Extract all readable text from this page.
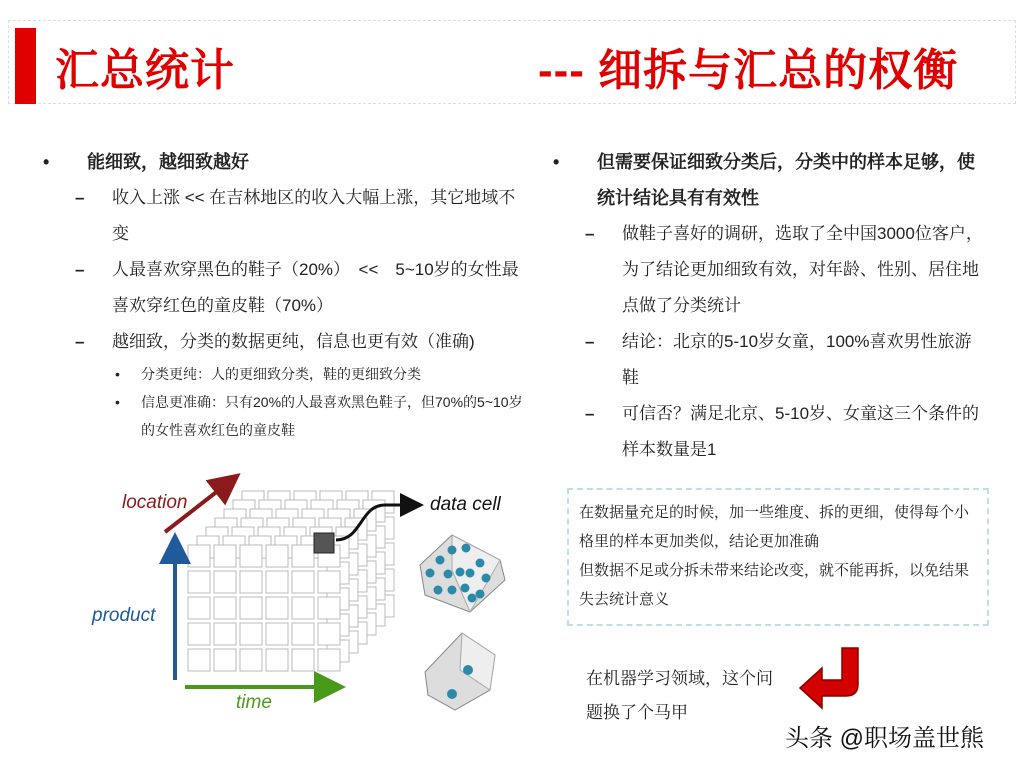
汇总统计	--- 细拆与汇总的权衡
• 能细致，越细致越好
– 收入上涨 << 在吉林地区的收入大幅上涨，其它地域不变
– 人最喜欢穿黑色的鞋子（20%）　<<　5~10岁的女性最喜欢穿红色的童皮鞋（70%）
– 越细致，分类的数据更纯，信息也更有效（准确)
• 分类更纯：人的更细致分类，鞋的更细致分类
• 信息更准确：只有20%的人最喜欢黑色鞋子，但70%的5~10岁的女性喜欢红色的童皮鞋
• 但需要保证细致分类后，分类中的样本足够，使统计结论具有有效性
– 做鞋子喜好的调研，选取了全中国3000位客户，为了结论更加细致有效，对年龄、性别、居住地点做了分类统计
– 结论：北京的5-10岁女童，100%喜欢男性旅游鞋
– 可信否？满足北京、5-10岁、女童这三个条件的样本数量是1
在数据量充足的时候，加一些维度、拆的更细，使得每个小格里的样本更加类似，结论更加准确
但数据不足或分拆未带来结论改变，就不能再拆，以免结果失去统计意义
在机器学习领域，这个问题换了个马甲
头条 @职场盖世熊
location
product
time
data cell
